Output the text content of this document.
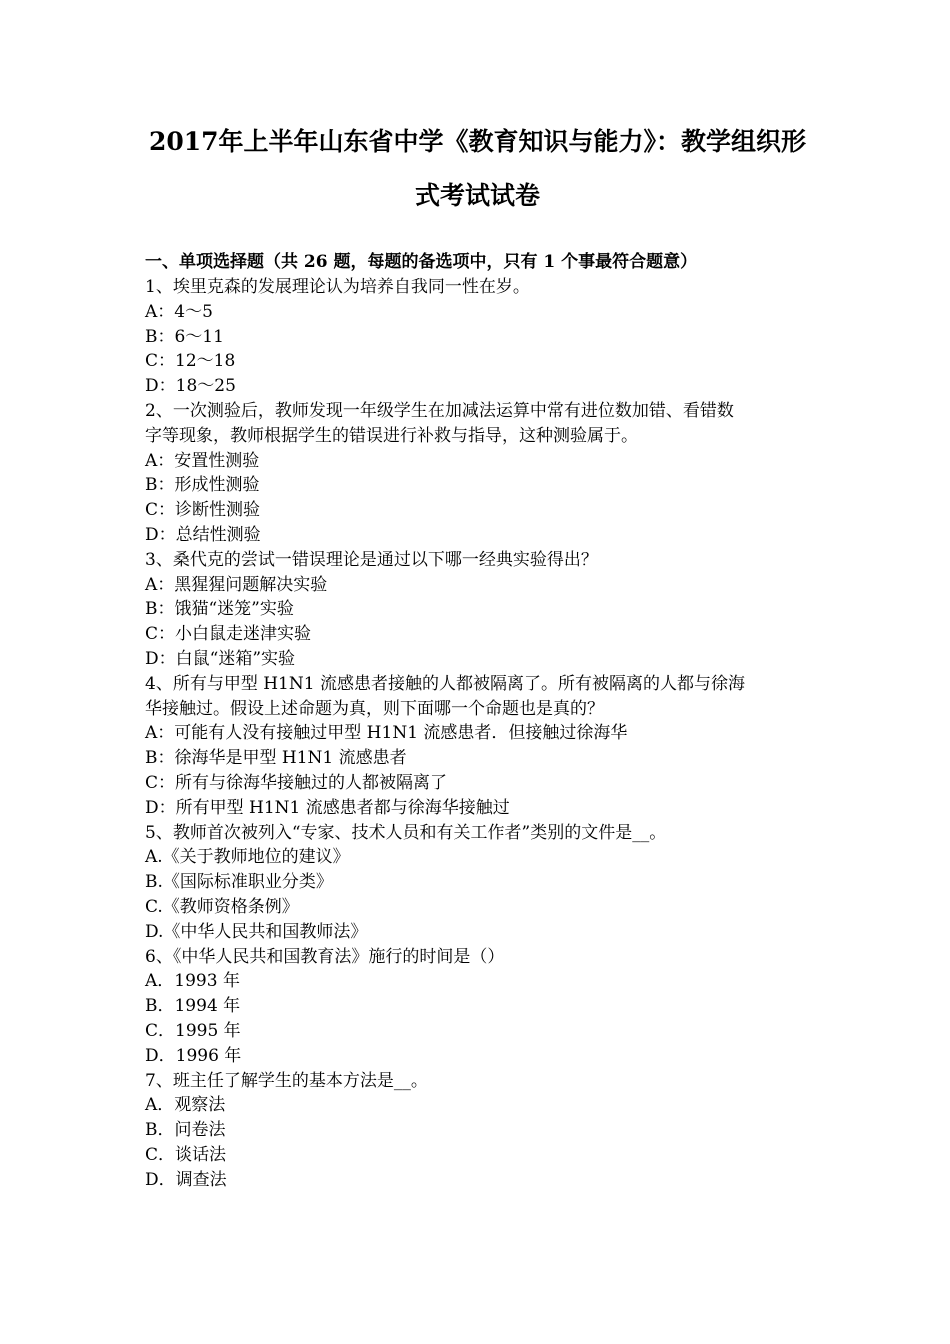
2017年上半年山东省中学《教育知识与能力》：教学组织形
式考试试卷
一、单项选择题（共 26 题，每题的备选项中，只有 1 个事最符合题意）
1、埃里克森的发展理论认为培养自我同一性在岁。
A：4～5
B：6～11
C：12～18
D：18～25
2、一次测验后，教师发现一年级学生在加减法运算中常有进位数加错、看错数
字等现象，教师根据学生的错误进行补救与指导，这种测验属于。
A：安置性测验
B：形成性测验
C：诊断性测验
D：总结性测验
3、桑代克的尝试一错误理论是通过以下哪一经典实验得出？
A：黑猩猩问题解决实验
B：饿猫“迷笼”实验
C：小白鼠走迷津实验
D：白鼠“迷箱”实验
4、所有与甲型 H1N1 流感患者接触的人都被隔离了。所有被隔离的人都与徐海
华接触过。假设上述命题为真，则下面哪一个命题也是真的？
A：可能有人没有接触过甲型 H1N1 流感患者．但接触过徐海华
B：徐海华是甲型 H1N1 流感患者
C：所有与徐海华接触过的人都被隔离了
D：所有甲型 H1N1 流感患者都与徐海华接触过
5、教师首次被列入“专家、技术人员和有关工作者”类别的文件是__。
A.《关于教师地位的建议》
B.《国际标准职业分类》
C.《教师资格条例》
D.《中华人民共和国教师法》
6、《中华人民共和国教育法》施行的时间是（）
A．1993 年
B．1994 年
C．1995 年
D．1996 年
7、班主任了解学生的基本方法是__。
A．观察法
B．问卷法
C．谈话法
D．调查法
